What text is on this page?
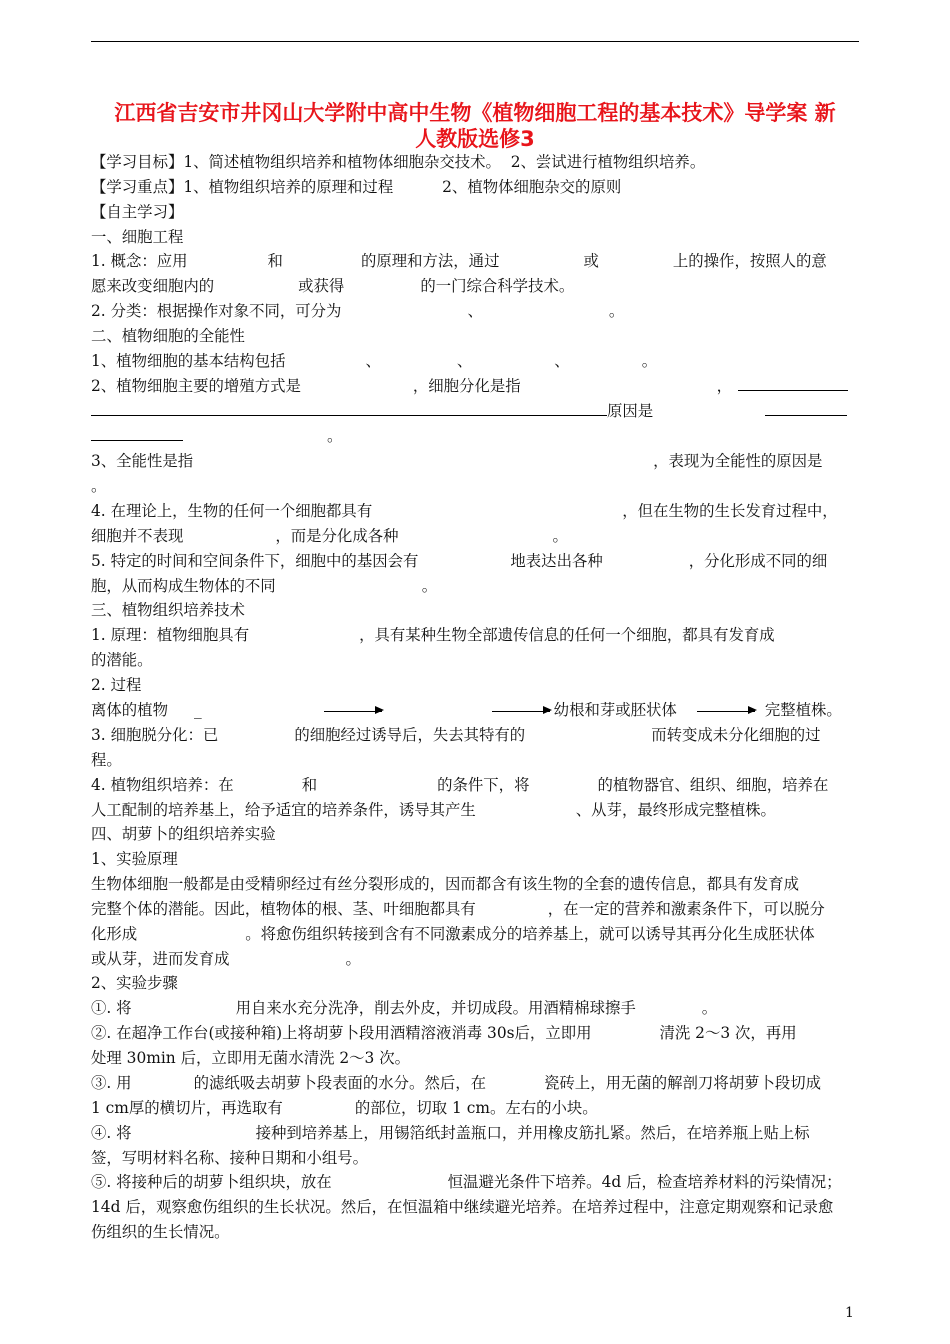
江西省吉安市井冈山大学附中高中生物《植物细胞工程的基本技术》导学案 新
人教版选修3
【学习目标】1、简述植物组织培养和植物体细胞杂交技术。  2、尝试进行植物组织培养。
【学习重点】1、植物组织培养的原理和过程          2、植物体细胞杂交的原则
【自主学习】
一、细胞工程
1. 概念：应用	和	的原理和方法，通过	或	上的操作，按照人的意
愿来改变细胞内的	或获得	的一门综合科学技术。
2. 分类：根据操作对象不同，可分为	、	。
二、植物细胞的全能性
1、植物细胞的基本结构包括	、	、	、	。
2、植物细胞主要的增殖方式是	，细胞分化是指	，
原因是
。
3、全能性是指	，表现为全能性的原因是
。
4. 在理论上，生物的任何一个细胞都具有	，但在生物的生长发育过程中，
细胞并不表现	，而是分化成各种	。
5. 特定的时间和空间条件下，细胞中的基因会有	地表达出各种	，分化形成不同的细
胞，从而构成生物体的不同	。
三、植物组织培养技术
1. 原理：植物细胞具有	，具有某种生物全部遗传信息的任何一个细胞，都具有发育成
的潜能。
2. 过程
离体的植物 _	幼根和芽或胚状体	完整植株。
3. 细胞脱分化：已	的细胞经过诱导后，失去其特有的	而转变成未分化细胞的过
程。
4. 植物组织培养：在	和	的条件下，将	的植物器官、组织、细胞，培养在
人工配制的培养基上，给予适宜的培养条件，诱导其产生	、从芽，最终形成完整植株。
四、胡萝卜的组织培养实验
1、实验原理
生物体细胞一般都是由受精卵经过有丝分裂形成的，因而都含有该生物的全套的遗传信息，都具有发育成
完整个体的潜能。因此，植物体的根、茎、叶细胞都具有	，在一定的营养和激素条件下，可以脱分
化形成	。将愈伤组织转接到含有不同激素成分的培养基上，就可以诱导其再分化生成胚状体
或从芽，进而发育成	。
2、实验步骤
①. 将	用自来水充分洗净，削去外皮，并切成段。用酒精棉球擦手	。
②. 在超净工作台(或接种箱)上将胡萝卜段用酒精溶液消毒 30s后，立即用	清洗 2～3 次，再用
处理 30min 后，立即用无菌水清洗 2～3 次。
③. 用	的滤纸吸去胡萝卜段表面的水分。然后，在	瓷砖上，用无菌的解剖刀将胡萝卜段切成
1 cm厚的横切片，再选取有	的部位，切取 1 cm。左右的小块。
④. 将	接种到培养基上，用锡箔纸封盖瓶口，并用橡皮筋扎紧。然后，在培养瓶上贴上标
签，写明材料名称、接种日期和小组号。
⑤. 将接种后的胡萝卜组织块，放在	恒温避光条件下培养。4d 后，检查培养材料的污染情况；
14d 后，观察愈伤组织的生长状况。然后，在恒温箱中继续避光培养。在培养过程中，注意定期观察和记录愈
伤组织的生长情况。
1
